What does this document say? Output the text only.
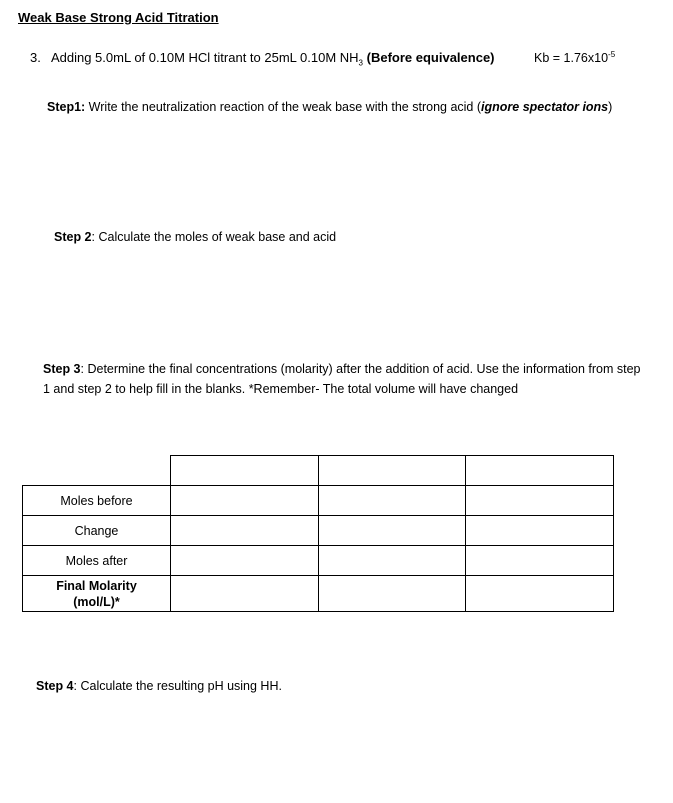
Weak Base Strong Acid Titration
3. Adding 5.0mL of 0.10M HCl titrant to 25mL 0.10M $NH_3$ (Before equivalence)	$Kb = 1.76x10^{-5}$
Step1: Write the neutralization reaction of the weak base with the strong acid (ignore spectator ions)
Step 2: Calculate the moles of weak base and acid
Step 3: Determine the final concentrations (molarity) after the addition of acid. Use the information from step 1 and step 2 to help fill in the blanks. *Remember- The total volume will have changed
Moles before
Change
Moles after
Final Molarity
(mol/L)*
Step 4: Calculate the resulting pH using HH.
